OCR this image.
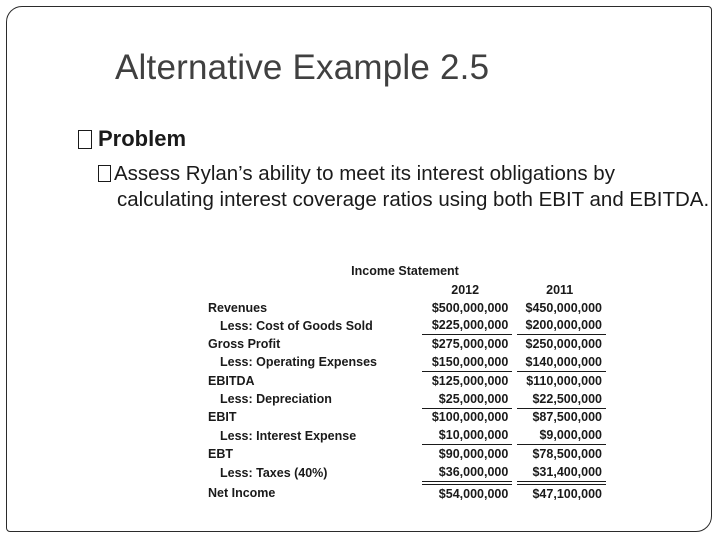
Alternative Example 2.5
Problem
Assess Rylan’s ability to meet its interest obligations by
calculating interest coverage ratios using both EBIT and EBITDA.
Income Statement
	2012		2011
Revenues	$500,000,000		$450,000,000
Less: Cost of Goods Sold	$225,000,000		$200,000,000
Gross Profit	$275,000,000		$250,000,000
Less: Operating Expenses	$150,000,000		$140,000,000
EBITDA	$125,000,000		$110,000,000
Less: Depreciation	$25,000,000		$22,500,000
EBIT	$100,000,000		$87,500,000
Less: Interest Expense	$10,000,000		$9,000,000
EBT	$90,000,000		$78,500,000
Less: Taxes (40%)	$36,000,000		$31,400,000
Net Income	$54,000,000		$47,100,000
